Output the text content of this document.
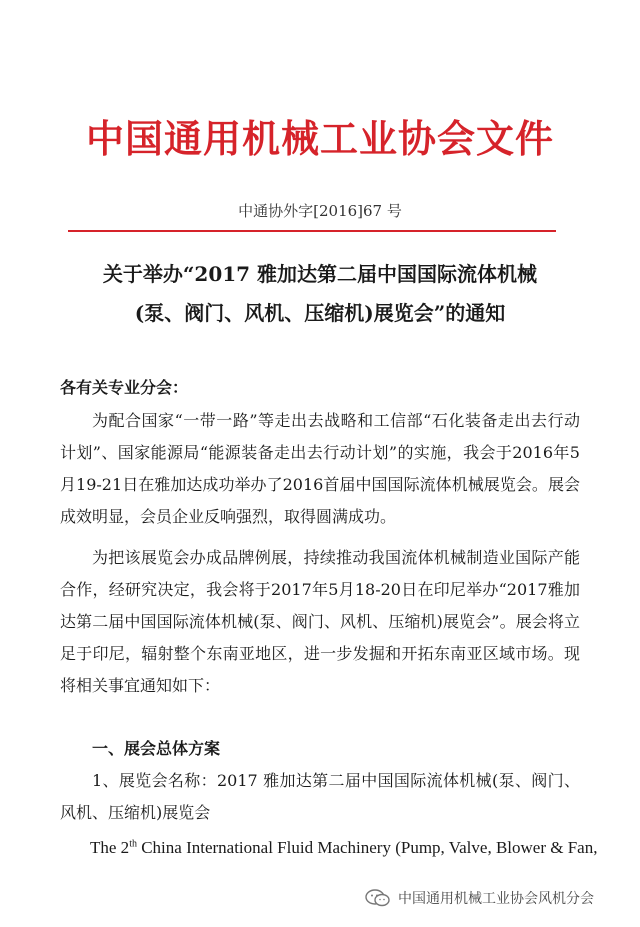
中国通用机械工业协会文件
中通协外字[2016]67 号
关于举办“2017 雅加达第二届中国国际流体机械
(泵、阀门、风机、压缩机)展览会”的通知

各有关专业分会：

为配合国家“一带一路”等走出去战略和工信部“石化装备走出去行动计划”、国家能源局“能源装备走出去行动计划”的实施，我会于2016年5月19-21日在雅加达成功举办了2016首届中国国际流体机械展览会。展会成效明显，会员企业反响强烈，取得圆满成功。

为把该展览会办成品牌例展，持续推动我国流体机械制造业国际产能合作，经研究决定，我会将于2017年5月18-20日在印尼举办“2017雅加达第二届中国国际流体机械(泵、阀门、风机、压缩机)展览会”。展会将立足于印尼，辐射整个东南亚地区，进一步发掘和开拓东南亚区域市场。现将相关事宜通知如下：

一、展会总体方案

1、展览会名称：2017 雅加达第二届中国国际流体机械(泵、阀门、风机、压缩机)展览会

The 2th China International Fluid Machinery (Pump, Valve, Blower & Fan,
中国通用机械工业协会风机分会
